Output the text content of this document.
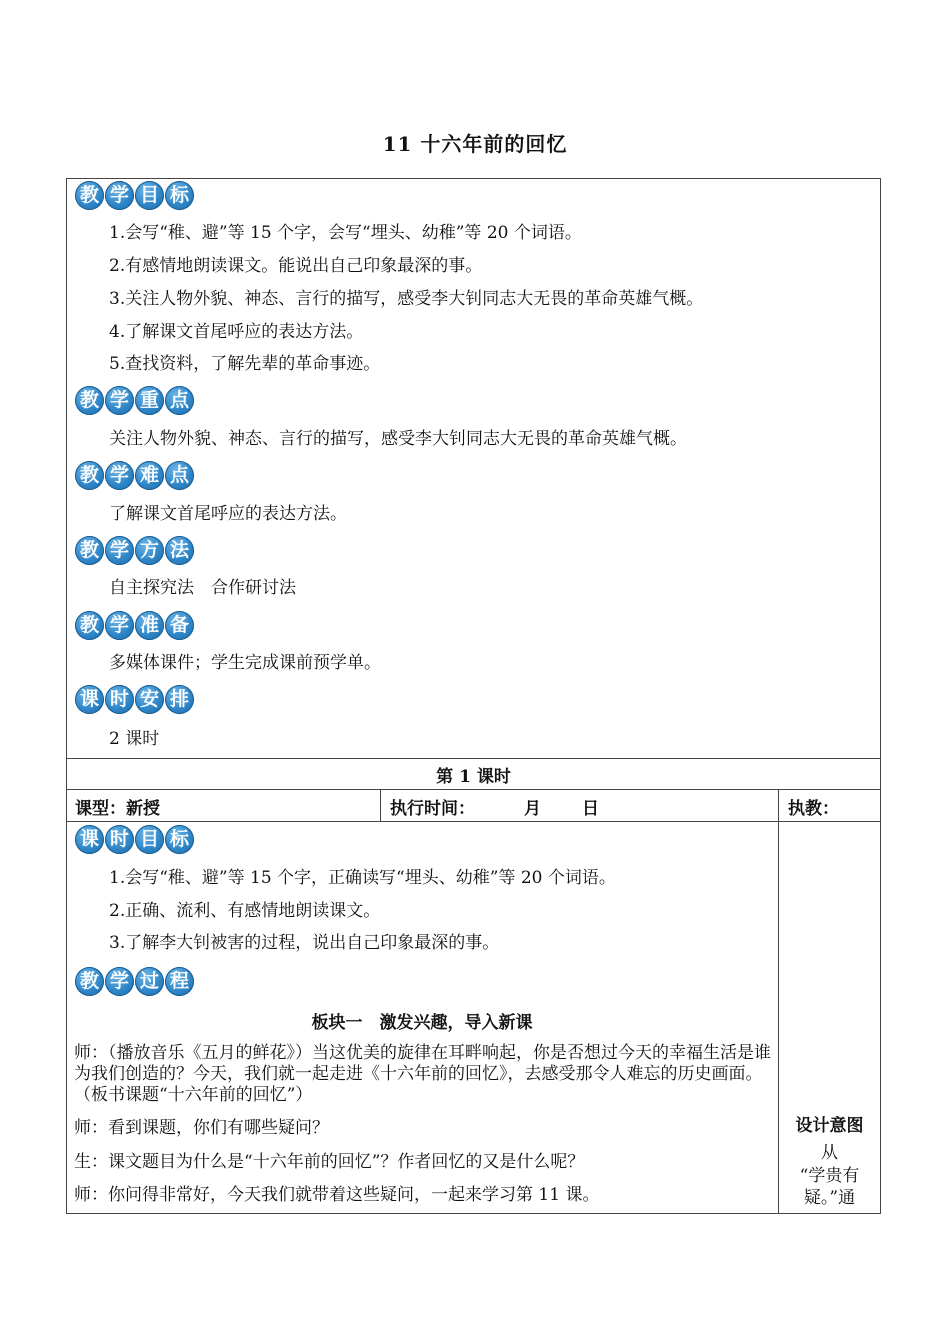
11 十六年前的回忆
教 学 目 标
1.会写“稚、避”等 15 个字，会写“埋头、幼稚”等 20 个词语。
2.有感情地朗读课文。能说出自己印象最深的事。
3.关注人物外貌、神态、言行的描写，感受李大钊同志大无畏的革命英雄气概。
4.了解课文首尾呼应的表达方法。
5.查找资料，了解先辈的革命事迹。
教 学 重 点
关注人物外貌、神态、言行的描写，感受李大钊同志大无畏的革命英雄气概。
教 学 难 点
了解课文首尾呼应的表达方法。
教 学 方 法
自主探究法　合作研讨法
教 学 准 备
多媒体课件；学生完成课前预学单。
课 时 安 排
2 课时
第 1 课时
课型：新授	执行时间：	月 日	执教：
课 时 目 标
1.会写“稚、避”等 15 个字，正确读写“埋头、幼稚”等 20 个词语。
2.正确、流利、有感情地朗读课文。
3.了解李大钊被害的过程，说出自己印象最深的事。
教 学 过 程
板块一　激发兴趣，导入新课
师：（播放音乐《五月的鲜花》）当这优美的旋律在耳畔响起，你是否想过今天的幸福生活是谁为我们创造的？今天，我们就一起走进《十六年前的回忆》，去感受那令人难忘的历史画面。（板书课题“十六年前的回忆”）
师：看到课题，你们有哪些疑问？
生：课文题目为什么是“十六年前的回忆”？作者回忆的又是什么呢？
师：你问得非常好，今天我们就带着这些疑问，一起来学习第 11 课。
设计意图
从
“学贵有
疑。”通
